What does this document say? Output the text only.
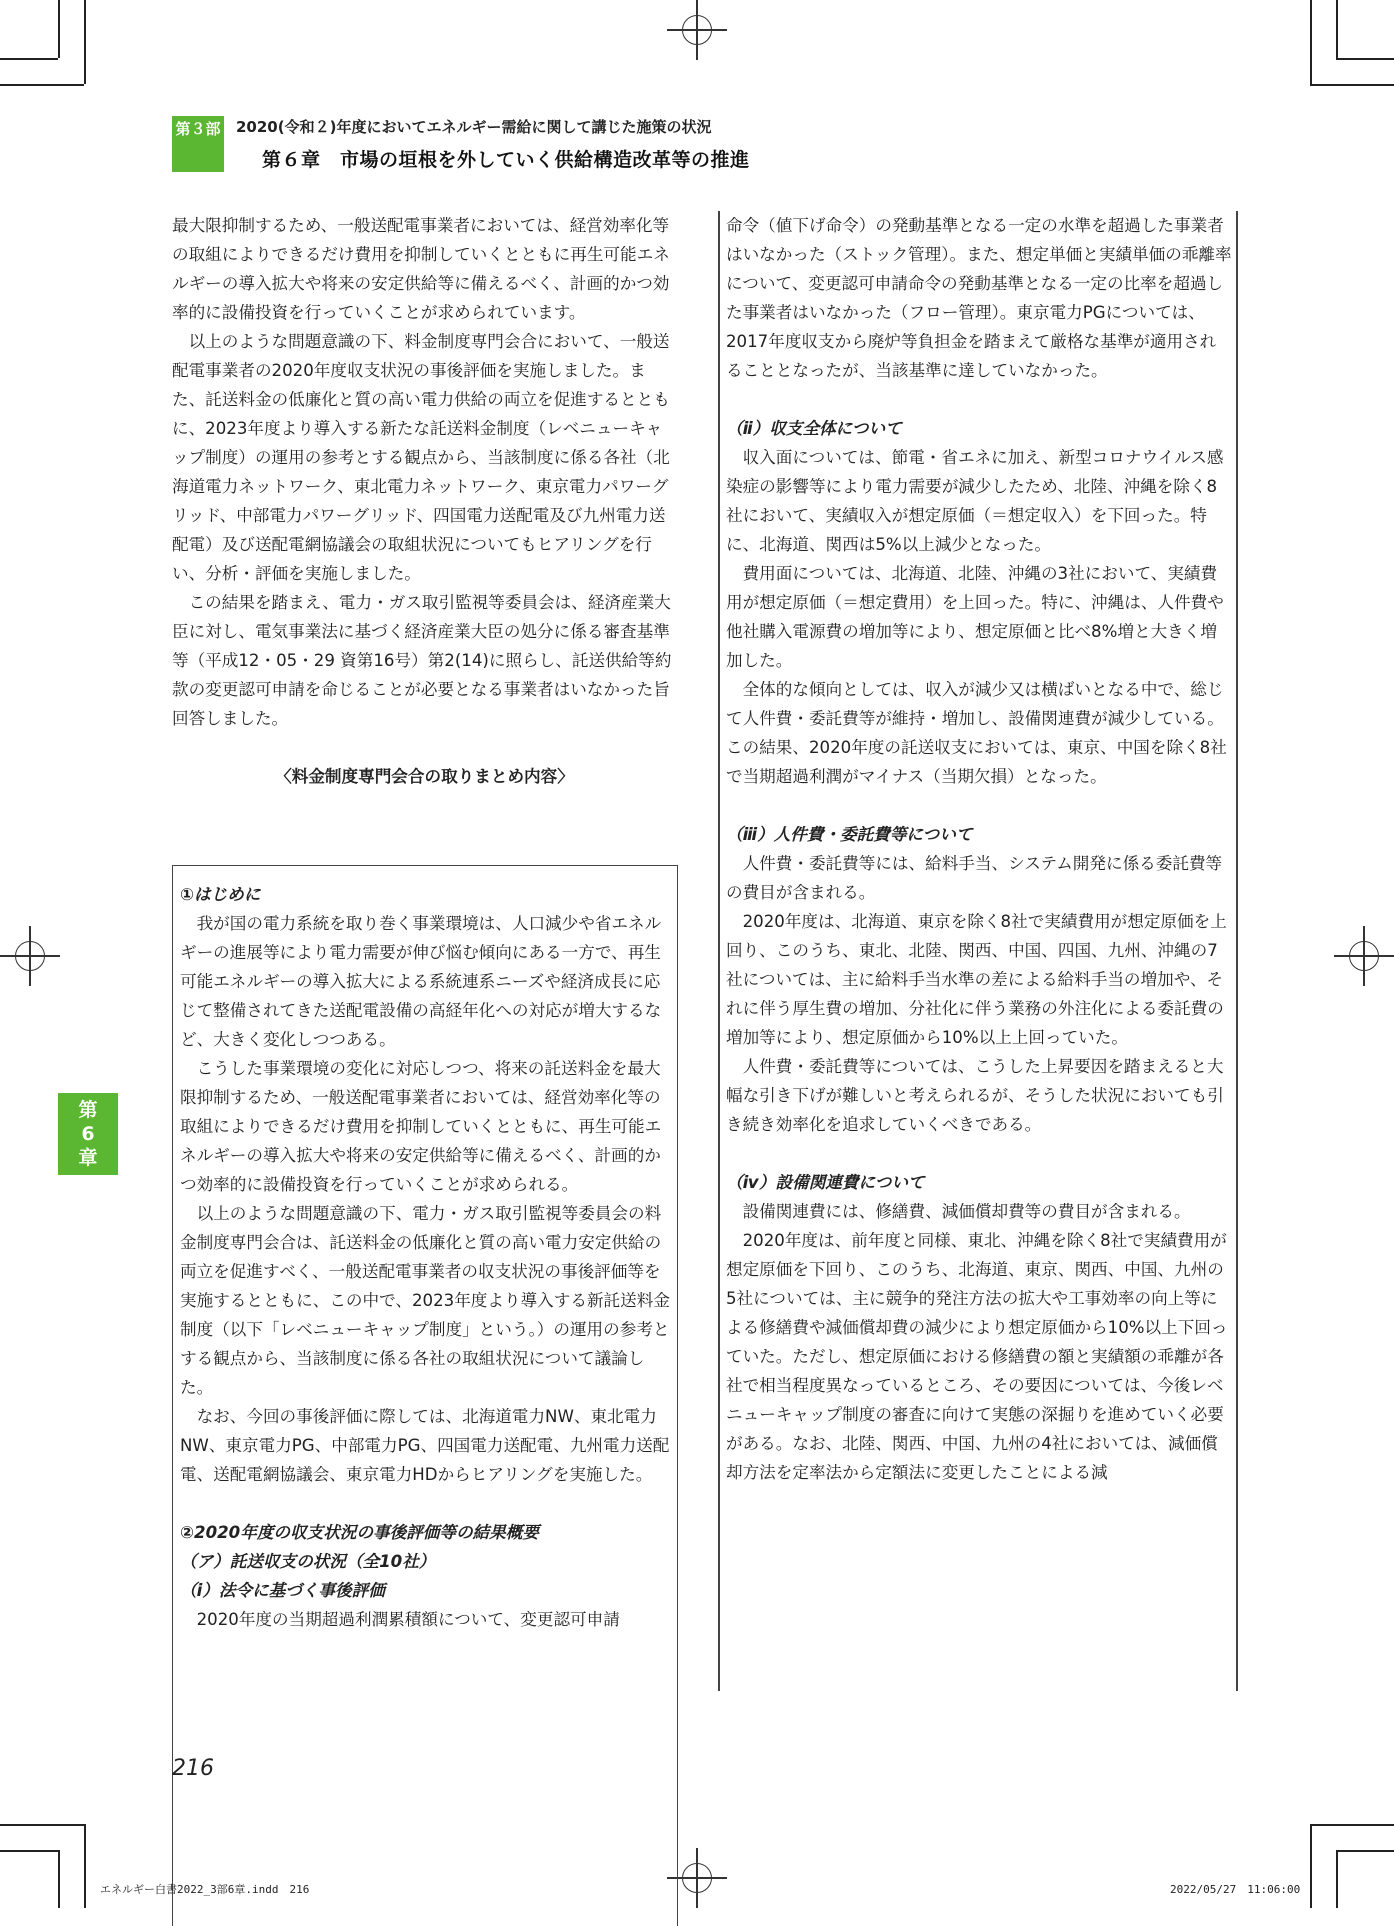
第３部 2020(令和２)年度においてエネルギー需給に関して講じた施策の状況
第６章　市場の垣根を外していく供給構造改革等の推進
第
6
章

最大限抑制するため、一般送配電事業者においては、経営効率化等の取組によりできるだけ費用を抑制していくとともに再生可能エネルギーの導入拡大や将来の安定供給等に備えるべく、計画的かつ効率的に設備投資を行っていくことが求められています。

以上のような問題意識の下、料金制度専門会合において、一般送配電事業者の2020年度収支状況の事後評価を実施しました。また、託送料金の低廉化と質の高い電力供給の両立を促進するとともに、2023年度より導入する新たな託送料金制度（レベニューキャップ制度）の運用の参考とする観点から、当該制度に係る各社（北海道電力ネットワーク、東北電力ネットワーク、東京電力パワーグリッド、中部電力パワーグリッド、四国電力送配電及び九州電力送配電）及び送配電網協議会の取組状況についてもヒアリングを行い、分析・評価を実施しました。

この結果を踏まえ、電力・ガス取引監視等委員会は、経済産業大臣に対し、電気事業法に基づく経済産業大臣の処分に係る審査基準等（平成12・05・29 資第16号）第2(14)に照らし、託送供給等約款の変更認可申請を命じることが必要となる事業者はいなかった旨回答しました。

〈料金制度専門会合の取りまとめ内容〉

①はじめに

我が国の電力系統を取り巻く事業環境は、人口減少や省エネルギーの進展等により電力需要が伸び悩む傾向にある一方で、再生可能エネルギーの導入拡大による系統連系ニーズや経済成長に応じて整備されてきた送配電設備の高経年化への対応が増大するなど、大きく変化しつつある。

こうした事業環境の変化に対応しつつ、将来の託送料金を最大限抑制するため、一般送配電事業者においては、経営効率化等の取組によりできるだけ費用を抑制していくとともに、再生可能エネルギーの導入拡大や将来の安定供給等に備えるべく、計画的かつ効率的に設備投資を行っていくことが求められる。

以上のような問題意識の下、電力・ガス取引監視等委員会の料金制度専門会合は、託送料金の低廉化と質の高い電力安定供給の両立を促進すべく、一般送配電事業者の収支状況の事後評価等を実施するとともに、この中で、2023年度より導入する新託送料金制度（以下「レベニューキャップ制度」という。）の運用の参考とする観点から、当該制度に係る各社の取組状況について議論した。

なお、今回の事後評価に際しては、北海道電力NW、東北電力NW、東京電力PG、中部電力PG、四国電力送配電、九州電力送配電、送配電網協議会、東京電力HDからヒアリングを実施した。

②2020年度の収支状況の事後評価等の結果概要

（ア）託送収支の状況（全10社）

（ⅰ）法令に基づく事後評価

2020年度の当期超過利潤累積額について、変更認可申請

命令（値下げ命令）の発動基準となる一定の水準を超過した事業者はいなかった（ストック管理）。また、想定単価と実績単価の乖離率について、変更認可申請命令の発動基準となる一定の比率を超過した事業者はいなかった（フロー管理）。東京電力PGについては、2017年度収支から廃炉等負担金を踏まえて厳格な基準が適用されることとなったが、当該基準に達していなかった。

（ⅱ）収支全体について

収入面については、節電・省エネに加え、新型コロナウイルス感染症の影響等により電力需要が減少したため、北陸、沖縄を除く8社において、実績収入が想定原価（＝想定収入）を下回った。特に、北海道、関西は5%以上減少となった。

費用面については、北海道、北陸、沖縄の3社において、実績費用が想定原価（＝想定費用）を上回った。特に、沖縄は、人件費や他社購入電源費の増加等により、想定原価と比べ8%増と大きく増加した。

全体的な傾向としては、収入が減少又は横ばいとなる中で、総じて人件費・委託費等が維持・増加し、設備関連費が減少している。この結果、2020年度の託送収支においては、東京、中国を除く8社で当期超過利潤がマイナス（当期欠損）となった。

（ⅲ）人件費・委託費等について

人件費・委託費等には、給料手当、システム開発に係る委託費等の費目が含まれる。

2020年度は、北海道、東京を除く8社で実績費用が想定原価を上回り、このうち、東北、北陸、関西、中国、四国、九州、沖縄の7社については、主に給料手当水準の差による給料手当の増加や、それに伴う厚生費の増加、分社化に伴う業務の外注化による委託費の増加等により、想定原価から10%以上上回っていた。

人件費・委託費等については、こうした上昇要因を踏まえると大幅な引き下げが難しいと考えられるが、そうした状況においても引き続き効率化を追求していくべきである。

（ⅳ）設備関連費について

設備関連費には、修繕費、減価償却費等の費目が含まれる。

2020年度は、前年度と同様、東北、沖縄を除く8社で実績費用が想定原価を下回り、このうち、北海道、東京、関西、中国、九州の5社については、主に競争的発注方法の拡大や工事効率の向上等による修繕費や減価償却費の減少により想定原価から10%以上下回っていた。ただし、想定原価における修繕費の額と実績額の乖離が各社で相当程度異なっているところ、その要因については、今後レベニューキャップ制度の審査に向けて実態の深掘りを進めていく必要がある。なお、北陸、関西、中国、九州の4社においては、減価償却方法を定率法から定額法に変更したことによる減

216
エネルギー白書2022_3部6章.indd　216	2022/05/27　11:06:00
